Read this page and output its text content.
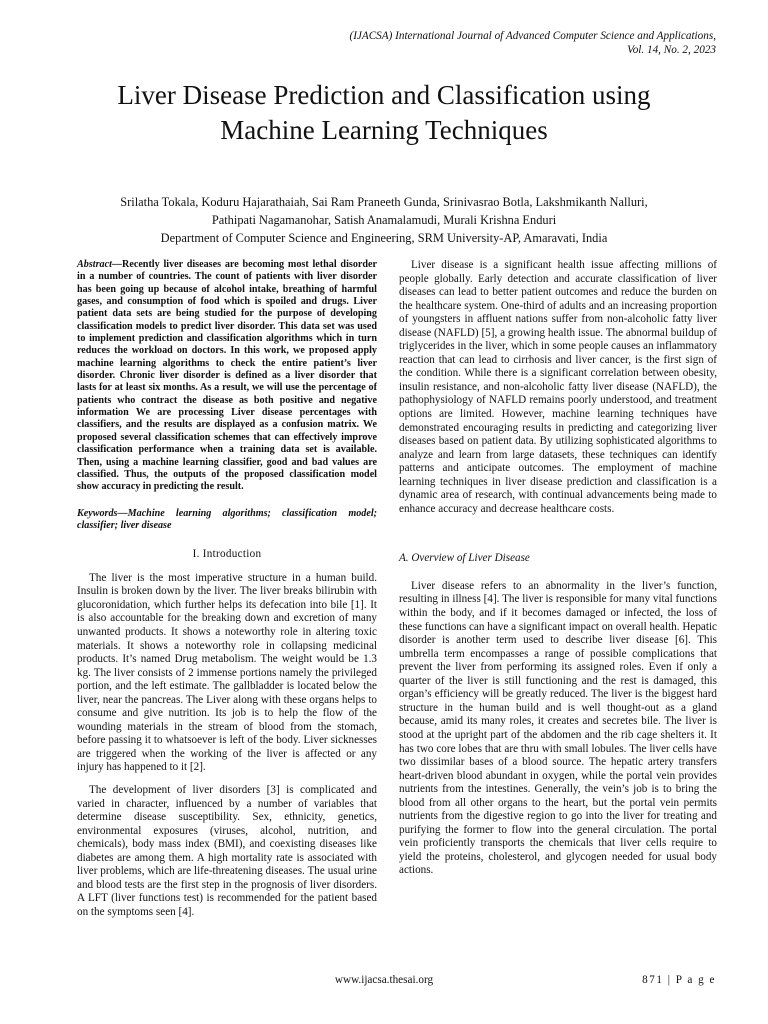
(IJACSA) International Journal of Advanced Computer Science and Applications,
Vol. 14, No. 2, 2023
Liver Disease Prediction and Classification using
Machine Learning Techniques
Srilatha Tokala, Koduru Hajarathaiah, Sai Ram Praneeth Gunda, Srinivasrao Botla, Lakshmikanth Nalluri,
Pathipati Nagamanohar, Satish Anamalamudi, Murali Krishna Enduri
Department of Computer Science and Engineering, SRM University-AP, Amaravati, India

Abstract—Recently liver diseases are becoming most lethal disorder in a number of countries. The count of patients with liver disorder has been going up because of alcohol intake, breathing of harmful gases, and consumption of food which is spoiled and drugs. Liver patient data sets are being studied for the purpose of developing classification models to predict liver disorder. This data set was used to implement prediction and classification algorithms which in turn reduces the workload on doctors. In this work, we proposed apply machine learning algorithms to check the entire patient’s liver disorder. Chronic liver disorder is defined as a liver disorder that lasts for at least six months. As a result, we will use the percentage of patients who contract the disease as both positive and negative information We are processing Liver disease percentages with classifiers, and the results are displayed as a confusion matrix. We proposed several classification schemes that can effectively improve classification performance when a training data set is available. Then, using a machine learning classifier, good and bad values are classified. Thus, the outputs of the proposed classification model show accuracy in predicting the result.

Keywords—Machine learning algorithms; classification model; classifier; liver disease

I. Introduction

The liver is the most imperative structure in a human build. Insulin is broken down by the liver. The liver breaks bilirubin with glucoronidation, which further helps its defecation into bile [1]. It is also accountable for the breaking down and excretion of many unwanted products. It shows a noteworthy role in altering toxic materials. It shows a noteworthy role in collapsing medicinal products. It’s named Drug metabolism. The weight would be 1.3 kg. The liver consists of 2 immense portions namely the privileged portion, and the left estimate. The gallbladder is located below the liver, near the pancreas. The Liver along with these organs helps to consume and give nutrition. Its job is to help the flow of the wounding materials in the stream of blood from the stomach, before passing it to whatsoever is left of the body. Liver sicknesses are triggered when the working of the liver is affected or any injury has happened to it [2].

The development of liver disorders [3] is complicated and varied in character, influenced by a number of variables that determine disease susceptibility. Sex, ethnicity, genetics, environmental exposures (viruses, alcohol, nutrition, and chemicals), body mass index (BMI), and coexisting diseases like diabetes are among them. A high mortality rate is associated with liver problems, which are life-threatening diseases. The usual urine and blood tests are the first step in the prognosis of liver disorders. A LFT (liver functions test) is recommended for the patient based on the symptoms seen [4].

Liver disease is a significant health issue affecting millions of people globally. Early detection and accurate classification of liver diseases can lead to better patient outcomes and reduce the burden on the healthcare system. One-third of adults and an increasing proportion of youngsters in affluent nations suffer from non-alcoholic fatty liver disease (NAFLD) [5], a growing health issue. The abnormal buildup of triglycerides in the liver, which in some people causes an inflammatory reaction that can lead to cirrhosis and liver cancer, is the first sign of the condition. While there is a significant correlation between obesity, insulin resistance, and non-alcoholic fatty liver disease (NAFLD), the pathophysiology of NAFLD remains poorly understood, and treatment options are limited. However, machine learning techniques have demonstrated encouraging results in predicting and categorizing liver diseases based on patient data. By utilizing sophisticated algorithms to analyze and learn from large datasets, these techniques can identify patterns and anticipate outcomes. The employment of machine learning techniques in liver disease prediction and classification is a dynamic area of research, with continual advancements being made to enhance accuracy and decrease healthcare costs.

A. Overview of Liver Disease

Liver disease refers to an abnormality in the liver’s function, resulting in illness [4]. The liver is responsible for many vital functions within the body, and if it becomes damaged or infected, the loss of these functions can have a significant impact on overall health. Hepatic disorder is another term used to describe liver disease [6]. This umbrella term encompasses a range of possible complications that prevent the liver from performing its assigned roles. Even if only a quarter of the liver is still functioning and the rest is damaged, this organ’s efficiency will be greatly reduced. The liver is the biggest hard structure in the human build and is well thought-out as a gland because, amid its many roles, it creates and secretes bile. The liver is stood at the upright part of the abdomen and the rib cage shelters it. It has two core lobes that are thru with small lobules. The liver cells have two dissimilar bases of a blood source. The hepatic artery transfers heart-driven blood abundant in oxygen, while the portal vein provides nutrients from the intestines. Generally, the vein’s job is to bring the blood from all other organs to the heart, but the portal vein permits nutrients from the digestive region to go into the liver for treating and purifying the former to flow into the general circulation. The portal vein proficiently transports the chemicals that liver cells require to yield the proteins, cholesterol, and glycogen needed for usual body actions.

www.ijacsa.thesai.org	871 | P a g e
